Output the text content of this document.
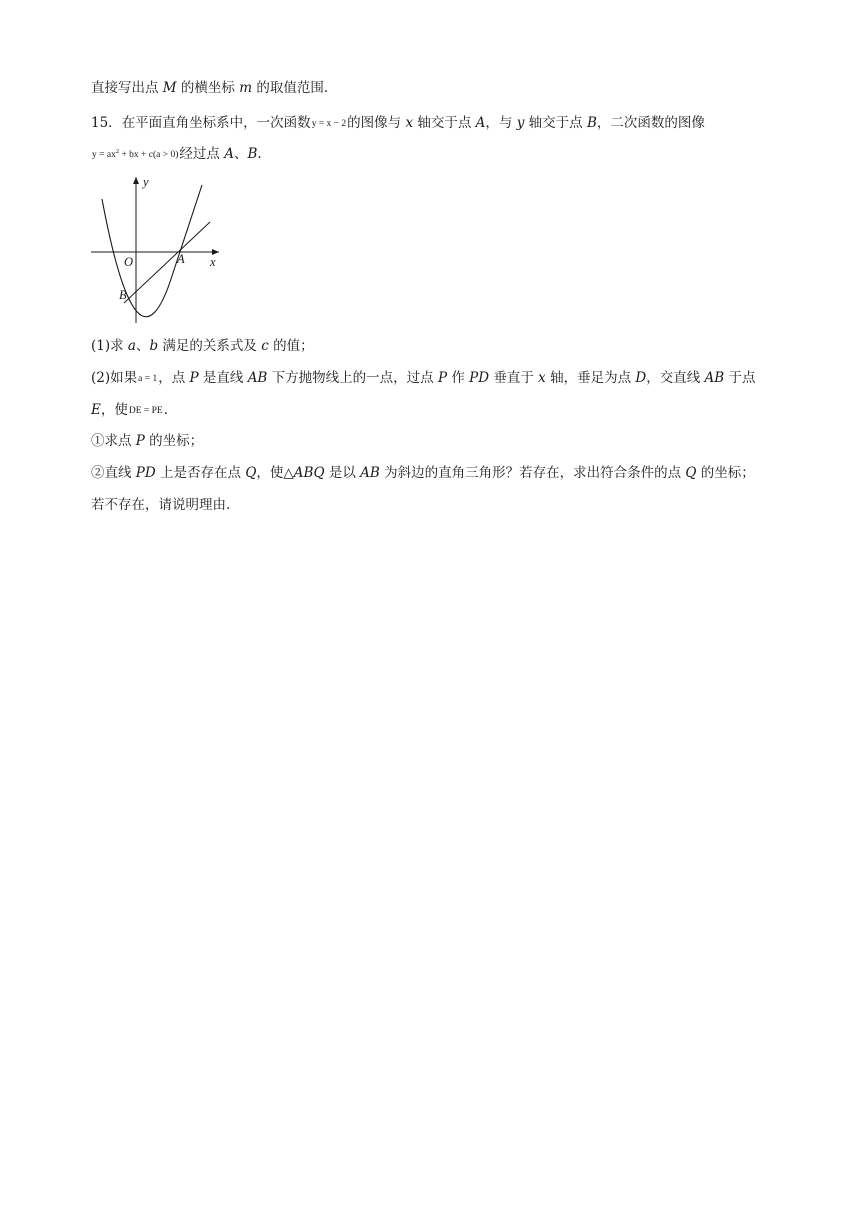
直接写出点 M 的横坐标 m 的取值范围.
15．在平面直角坐标系中，一次函数y = x − 2的图像与 x 轴交于点 A，与 y 轴交于点 B，二次函数的图像
$y = ax^2$ + bx + c(a > 0)经过点 A、B.
y
x
O	A
B
(1)求 a、b 满足的关系式及 c 的值；
(2)如果a = 1，点 P 是直线 AB 下方抛物线上的一点，过点 P 作 PD 垂直于 x 轴，垂足为点 D，交直线 AB 于点
E，使DE = PE.
①求点 P 的坐标；
②直线 PD 上是否存在点 Q，使△ABQ 是以 AB 为斜边的直角三角形？若存在，求出符合条件的点 Q 的坐标；
若不存在，请说明理由.
